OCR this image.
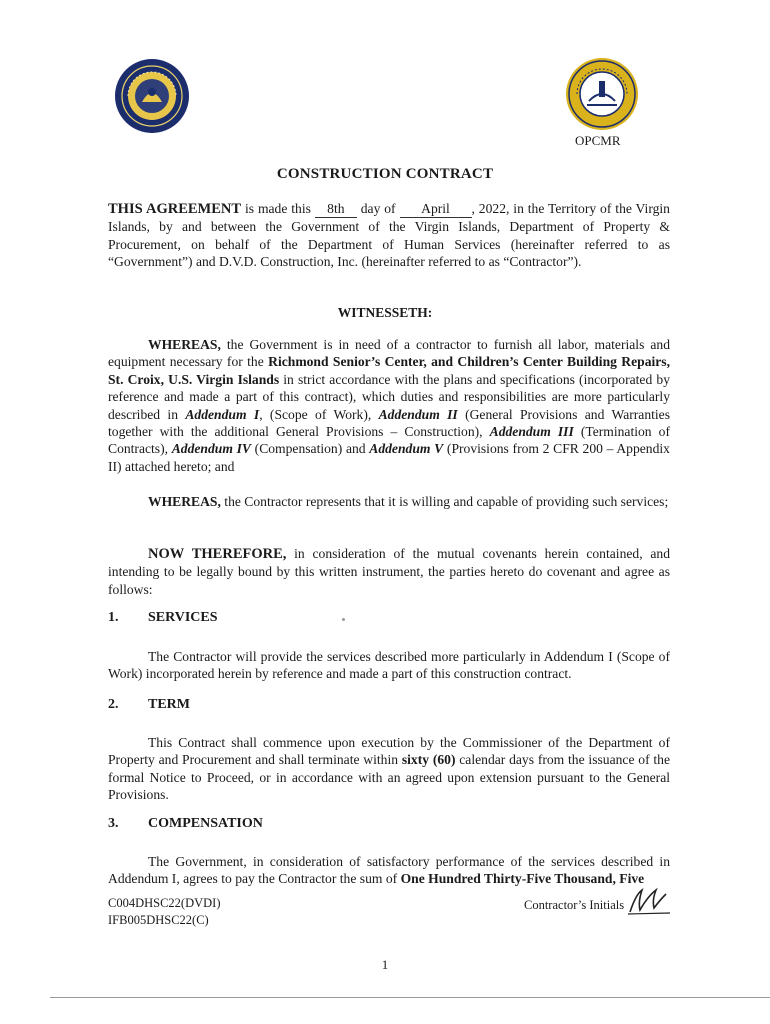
OPCMR
CONSTRUCTION CONTRACT
THIS AGREEMENT is made this 8th day of April , 2022, in the Territory of the Virgin Islands, by and between the Government of the Virgin Islands, Department of Property & Procurement, on behalf of the Department of Human Services (hereinafter referred to as “Government”) and D.V.D. Construction, Inc. (hereinafter referred to as “Contractor”).
WITNESSETH:
WHEREAS, the Government is in need of a contractor to furnish all labor, materials and equipment necessary for the Richmond Senior’s Center, and Children’s Center Building Repairs, St. Croix, U.S. Virgin Islands in strict accordance with the plans and specifications (incorporated by reference and made a part of this contract), which duties and responsibilities are more particularly described in Addendum I, (Scope of Work), Addendum II (General Provisions and Warranties together with the additional General Provisions – Construction), Addendum III (Termination of Contracts), Addendum IV (Compensation) and Addendum V (Provisions from 2 CFR 200 – Appendix II) attached hereto; and
WHEREAS, the Contractor represents that it is willing and capable of providing such services;
NOW THEREFORE, in consideration of the mutual covenants herein contained, and intending to be legally bound by this written instrument, the parties hereto do covenant and agree as follows:
1. SERVICES
The Contractor will provide the services described more particularly in Addendum I (Scope of Work) incorporated herein by reference and made a part of this construction contract.
2. TERM
This Contract shall commence upon execution by the Commissioner of the Department of Property and Procurement and shall terminate within sixty (60) calendar days from the issuance of the formal Notice to Proceed, or in accordance with an agreed upon extension pursuant to the General Provisions.
3. COMPENSATION
The Government, in consideration of satisfactory performance of the services described in Addendum I, agrees to pay the Contractor the sum of One Hundred Thirty-Five Thousand, Five
C004DHSC22(DVDI)
IFB005DHSC22(C)
Contractor’s Initials
1
